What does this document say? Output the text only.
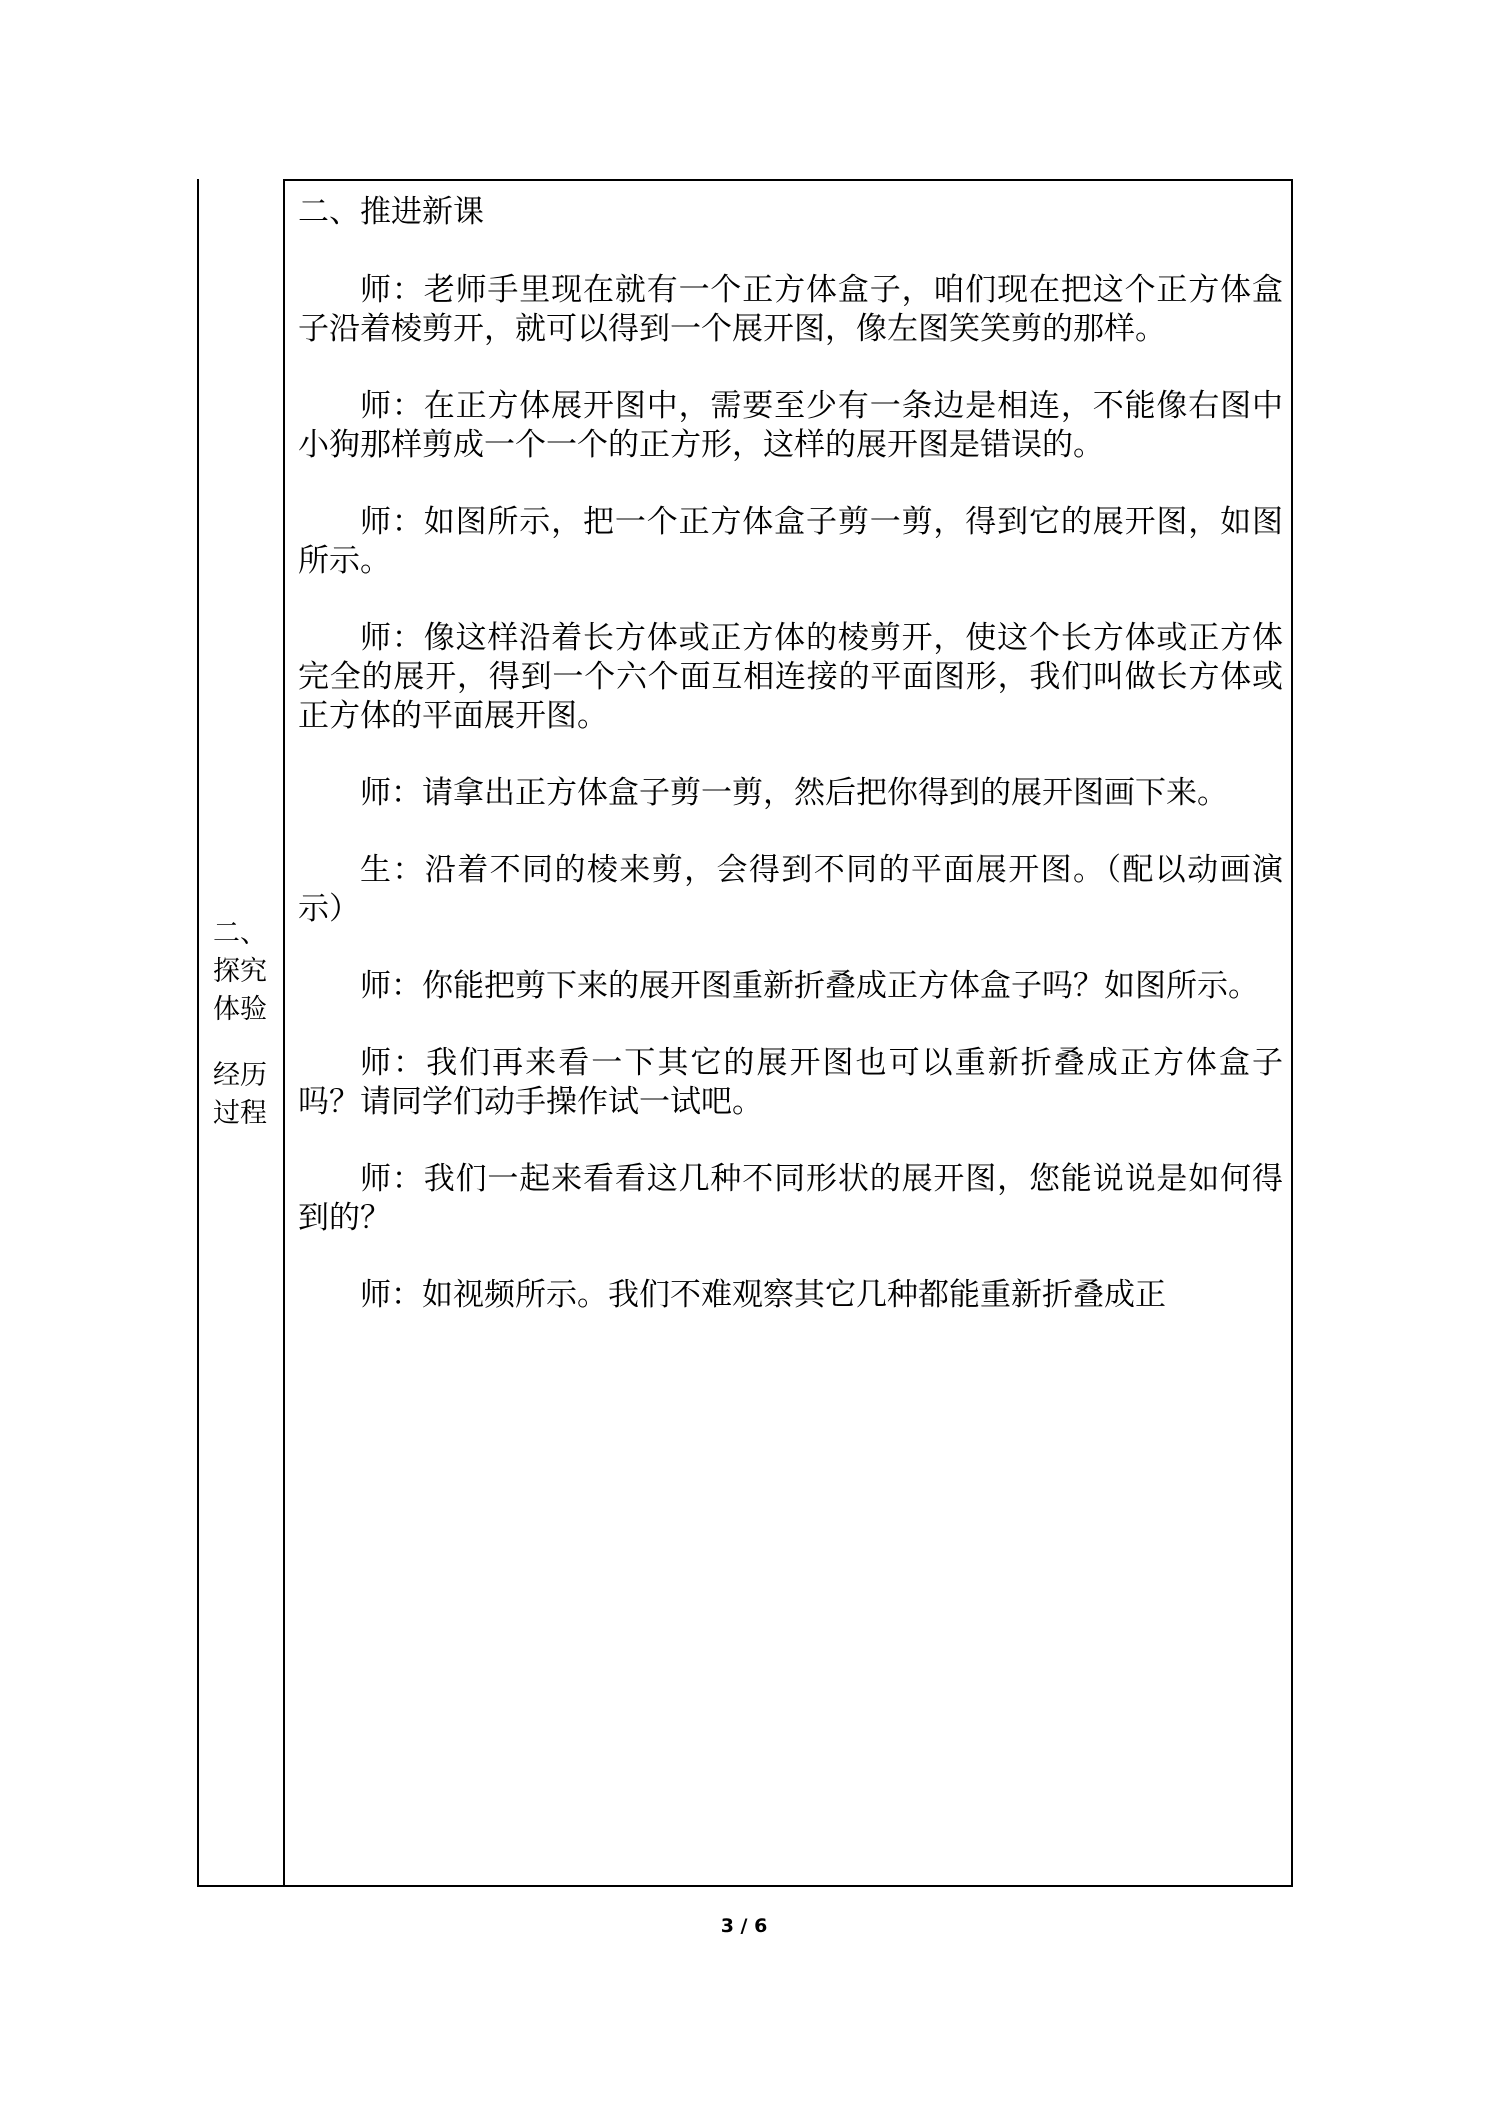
二、
探究
体验
经历
过程

二、推进新课

师：老师手里现在就有一个正方体盒子，咱们现在把这个正方体盒子沿着棱剪开，就可以得到一个展开图，像左图笑笑剪的那样。

师：在正方体展开图中，需要至少有一条边是相连，不能像右图中小狗那样剪成一个一个的正方形，这样的展开图是错误的。

师：如图所示，把一个正方体盒子剪一剪，得到它的展开图，如图所示。

师：像这样沿着长方体或正方体的棱剪开，使这个长方体或正方体完全的展开，得到一个六个面互相连接的平面图形，我们叫做长方体或正方体的平面展开图。

师：请拿出正方体盒子剪一剪，然后把你得到的展开图画下来。

生：沿着不同的棱来剪，会得到不同的平面展开图。（配以动画演示）

师：你能把剪下来的展开图重新折叠成正方体盒子吗？如图所示。

师：我们再来看一下其它的展开图也可以重新折叠成正方体盒子吗？请同学们动手操作试一试吧。

师：我们一起来看看这几种不同形状的展开图，您能说说是如何得到的？

师：如视频所示。我们不难观察其它几种都能重新折叠成正

3 / 6
